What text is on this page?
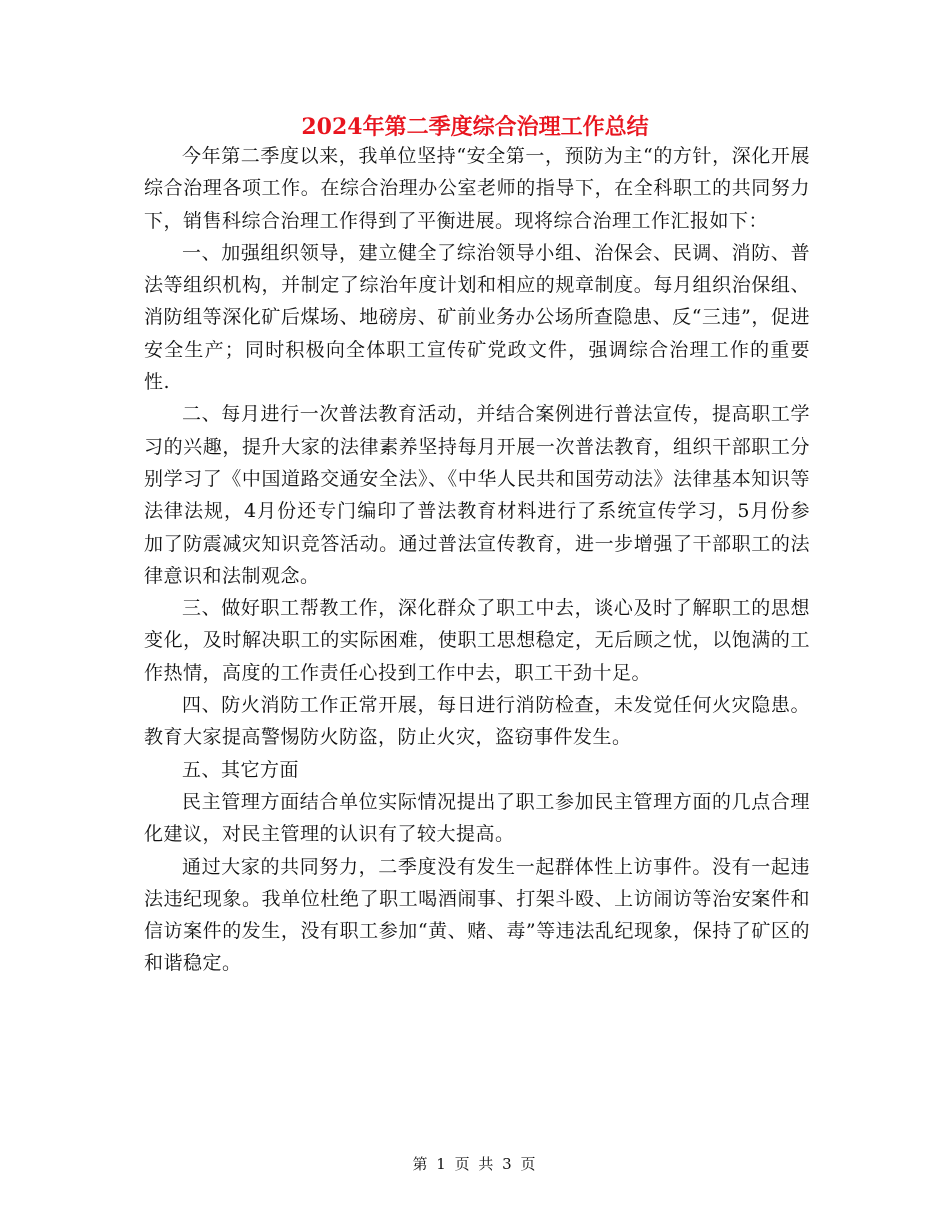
2024年第二季度综合治理工作总结

今年第二季度以来，我单位坚持“安全第一，预防为主“的方针，深化开展综合治理各项工作。在综合治理办公室老师的指导下，在全科职工的共同努力下，销售科综合治理工作得到了平衡进展。现将综合治理工作汇报如下：

一、加强组织领导，建立健全了综治领导小组、治保会、民调、消防、普法等组织机构，并制定了综治年度计划和相应的规章制度。每月组织治保组、消防组等深化矿后煤场、地磅房、矿前业务办公场所查隐患、反“三违”，促进安全生产；同时积极向全体职工宣传矿党政文件，强调综合治理工作的重要性.

二、每月进行一次普法教育活动，并结合案例进行普法宣传，提高职工学习的兴趣，提升大家的法律素养坚持每月开展一次普法教育，组织干部职工分别学习了《中国道路交通安全法》、《中华人民共和国劳动法》法律基本知识等法律法规，4月份还专门编印了普法教育材料进行了系统宣传学习，5月份参加了防震减灾知识竞答活动。通过普法宣传教育，进一步增强了干部职工的法律意识和法制观念。

三、做好职工帮教工作，深化群众了职工中去，谈心及时了解职工的思想变化，及时解决职工的实际困难，使职工思想稳定，无后顾之忧，以饱满的工作热情，高度的工作责任心投到工作中去，职工干劲十足。

四、防火消防工作正常开展，每日进行消防检查，未发觉任何火灾隐患。教育大家提高警惕防火防盗，防止火灾，盗窃事件发生。

五、其它方面

民主管理方面结合单位实际情况提出了职工参加民主管理方面的几点合理化建议，对民主管理的认识有了较大提高。

通过大家的共同努力，二季度没有发生一起群体性上访事件。没有一起违法违纪现象。我单位杜绝了职工喝酒闹事、打架斗殴、上访闹访等治安案件和信访案件的发生，没有职工参加“黄、赌、毒”等违法乱纪现象，保持了矿区的和谐稳定。

第 1 页 共 3 页
